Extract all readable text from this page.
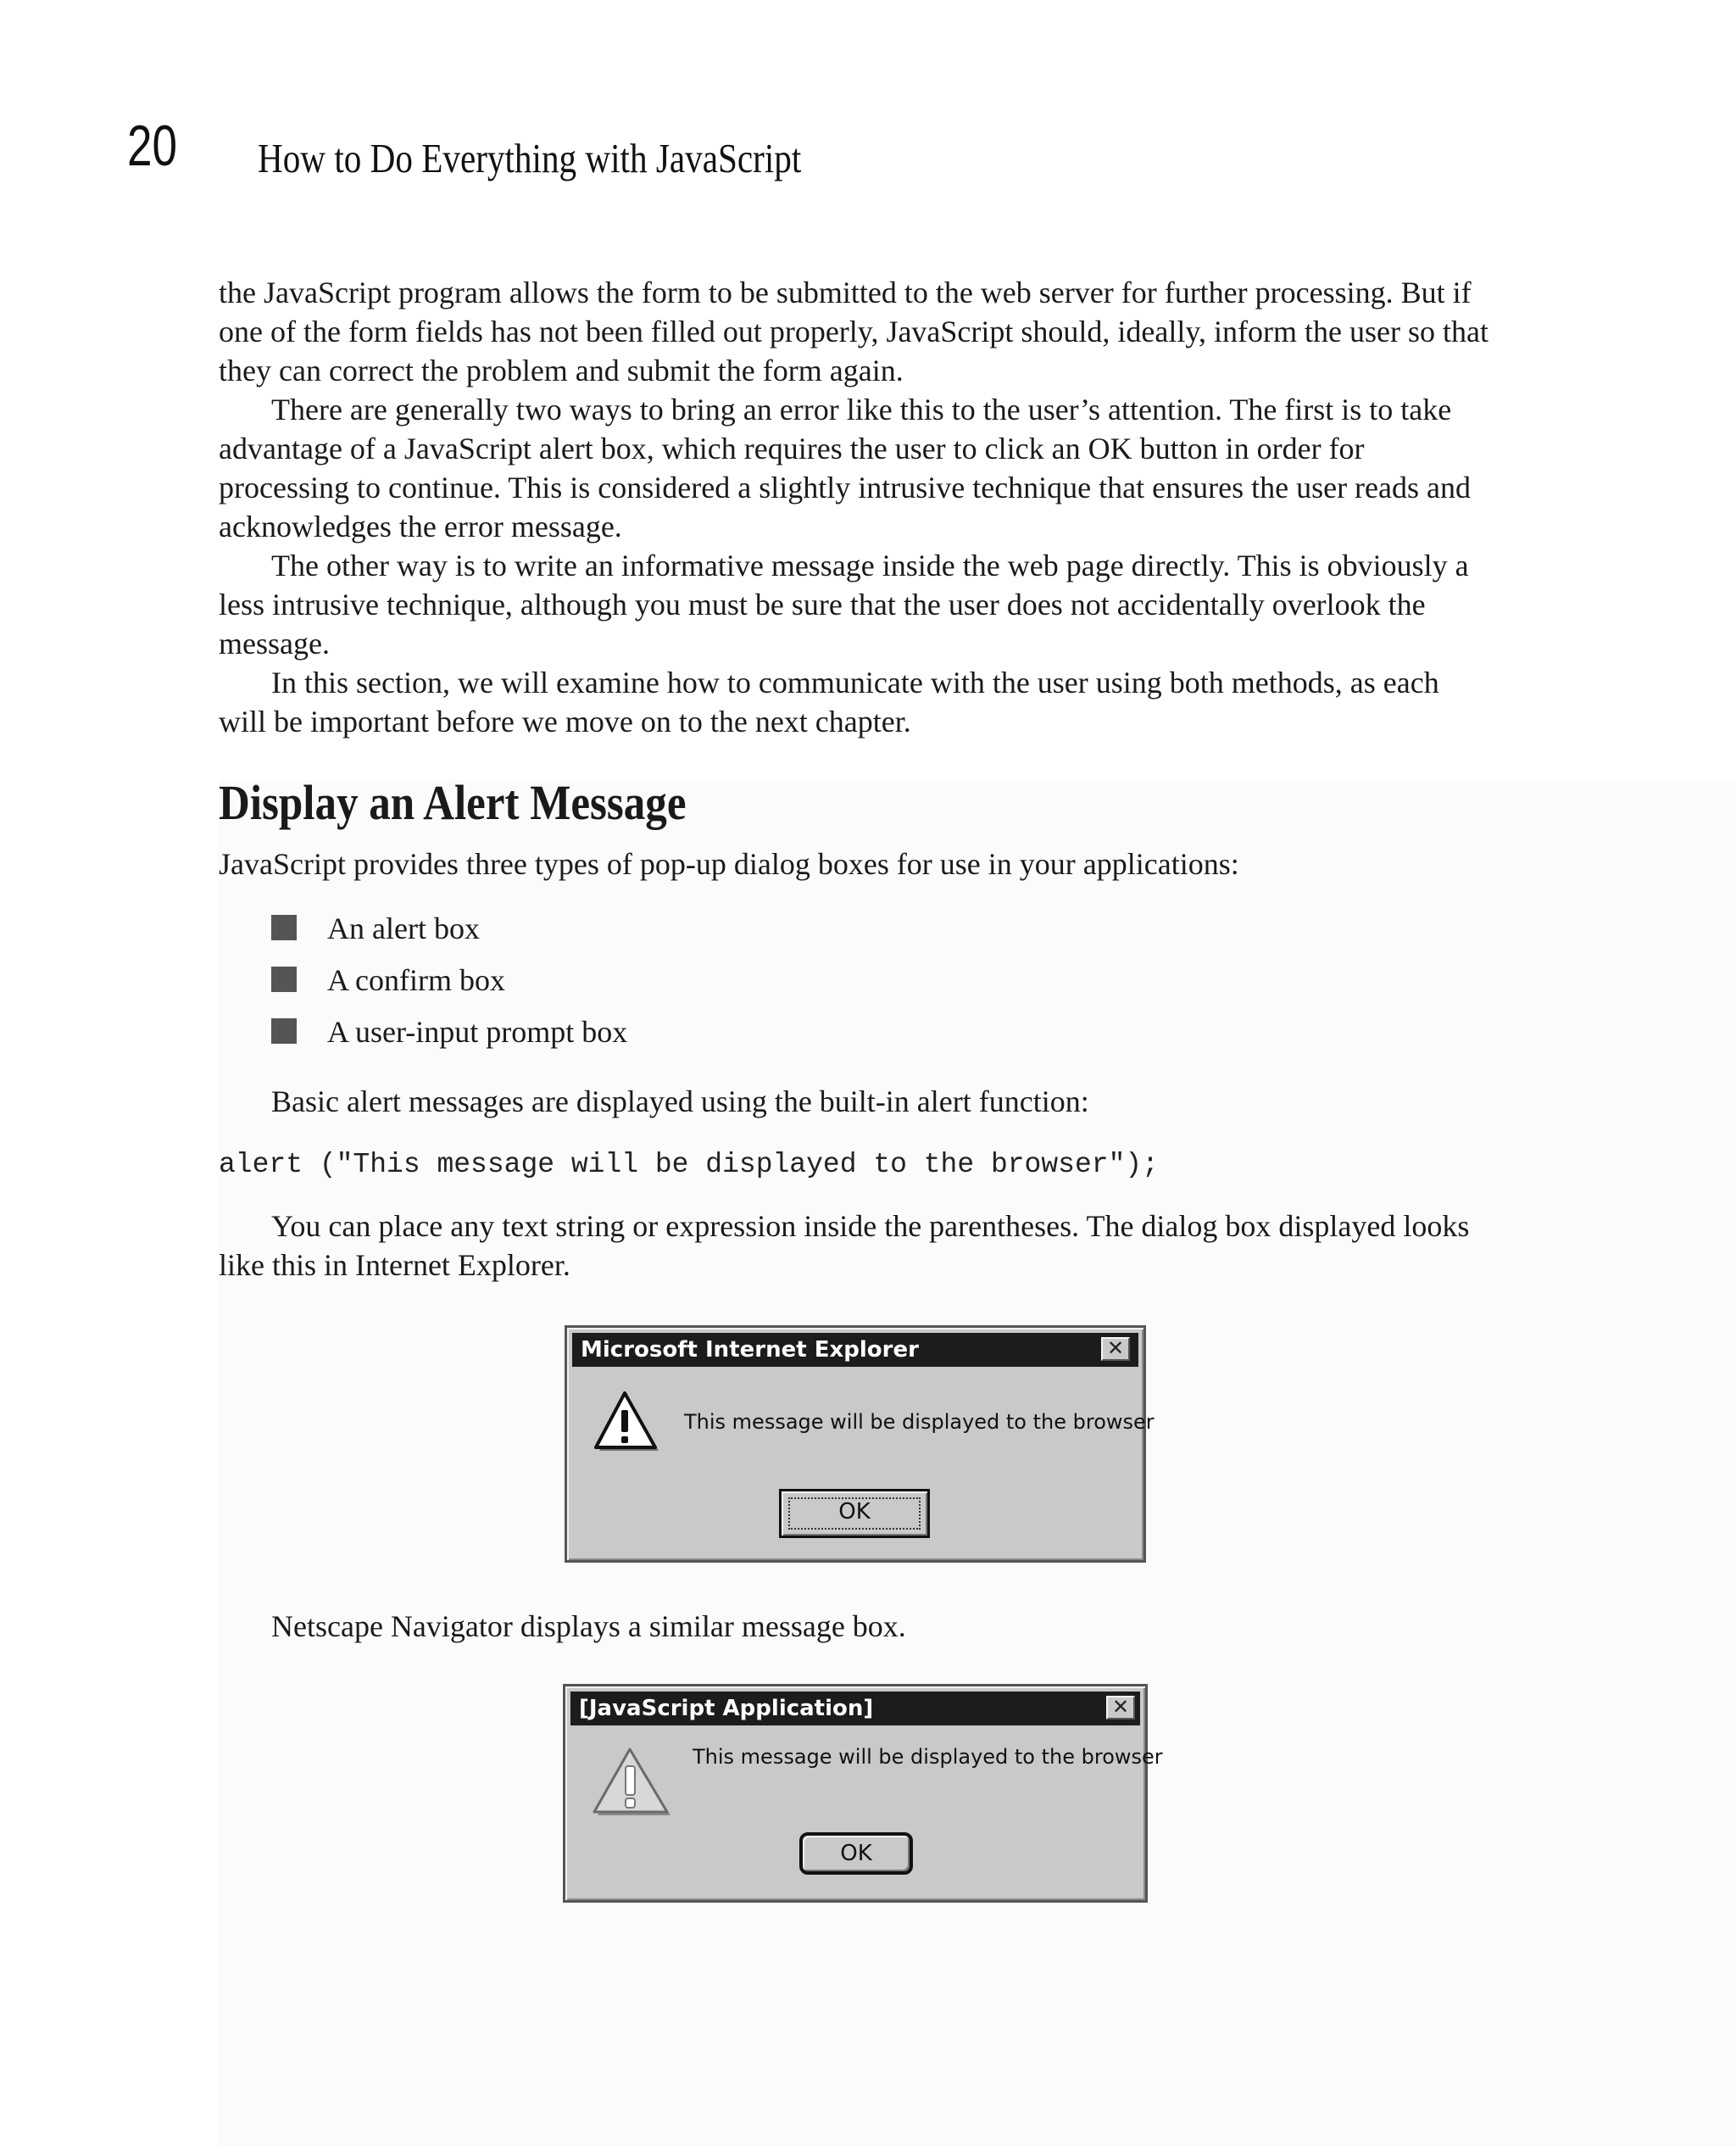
20 How to Do Everything with JavaScript

the JavaScript program allows the form to be submitted to the web server for further processing. But if one of the form fields has not been filled out properly, JavaScript should, ideally, inform the user so that they can correct the problem and submit the form again.

There are generally two ways to bring an error like this to the user’s attention. The first is to take advantage of a JavaScript alert box, which requires the user to click an OK button in order for processing to continue. This is considered a slightly intrusive technique that ensures the user reads and acknowledges the error message.

The other way is to write an informative message inside the web page directly. This is obviously a less intrusive technique, although you must be sure that the user does not accidentally overlook the message.

In this section, we will examine how to communicate with the user using both methods, as each will be important before we move on to the next chapter.

Display an Alert Message
JavaScript provides three types of pop-up dialog boxes for use in your applications:
An alert box
A confirm box
A user-input prompt box
Basic alert messages are displayed using the built-in alert function:
alert ("This message will be displayed to the browser");
You can place any text string or expression inside the parentheses. The dialog box displayed looks like this in Internet Explorer.
Microsoft Internet Explorer	✕
This message will be displayed to the browser
OK
Netscape Navigator displays a similar message box.
[JavaScript Application]	✕
This message will be displayed to the browser
OK
